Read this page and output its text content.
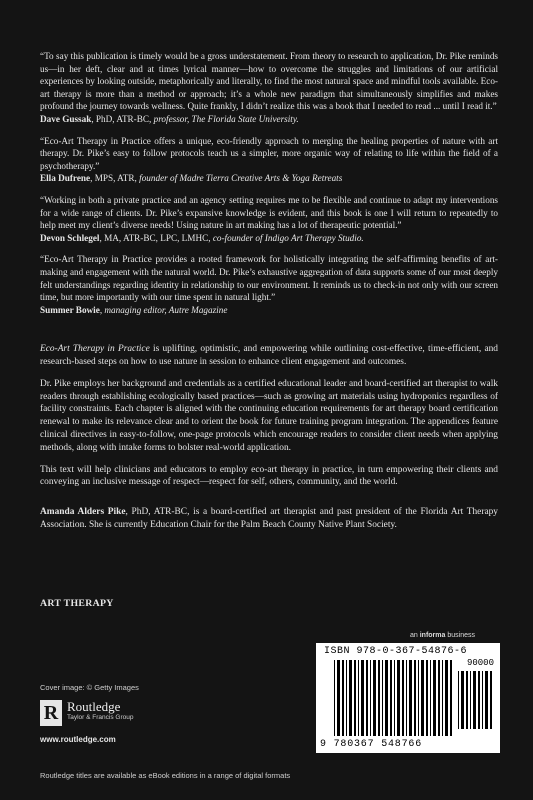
“To say this publication is timely would be a gross understatement. From theory to research to application, Dr. Pike reminds us—in her deft, clear and at times lyrical manner—how to overcome the struggles and limitations of our artificial experiences by looking outside, metaphorically and literally, to find the most natural space and mindful tools available. Eco-art therapy is more than a method or approach; it’s a whole new paradigm that simultaneously simplifies and makes profound the journey towards wellness. Quite frankly, I didn’t realize this was a book that I needed to read ... until I read it.”
Dave Gussak, PhD, ATR-BC, professor, The Florida State University.

“Eco-Art Therapy in Practice offers a unique, eco-friendly approach to merging the healing properties of nature with art therapy. Dr. Pike’s easy to follow protocols teach us a simpler, more organic way of relating to life within the field of a psychotherapy.”
Ella Dufrene, MPS, ATR, founder of Madre Tierra Creative Arts & Yoga Retreats

“Working in both a private practice and an agency setting requires me to be flexible and continue to adapt my interventions for a wide range of clients. Dr. Pike’s expansive knowledge is evident, and this book is one I will return to repeatedly to help meet my client’s diverse needs! Using nature in art making has a lot of therapeutic potential.”
Devon Schlegel, MA, ATR-BC, LPC, LMHC, co-founder of Indigo Art Therapy Studio.

“Eco-Art Therapy in Practice provides a rooted framework for holistically integrating the self-affirming benefits of art-making and engagement with the natural world. Dr. Pike’s exhaustive aggregation of data supports some of our most deeply felt understandings regarding identity in relationship to our environment. It reminds us to check-in not only with our screen time, but more importantly with our time spent in natural light.”
Summer Bowie, managing editor, Autre Magazine

Eco-Art Therapy in Practice is uplifting, optimistic, and empowering while outlining cost-effective, time-efficient, and research-based steps on how to use nature in session to enhance client engagement and outcomes.

Dr. Pike employs her background and credentials as a certified educational leader and board-certified art therapist to walk readers through establishing ecologically based practices—such as growing art materials using hydroponics regardless of facility constraints. Each chapter is aligned with the continuing education requirements for art therapy board certification renewal to make its relevance clear and to orient the book for future training program integration. The appendices feature clinical directives in easy-to-follow, one-page protocols which encourage readers to consider client needs when applying methods, along with intake forms to bolster real-world application.

This text will help clinicians and educators to employ eco-art therapy in practice, in turn empowering their clients and conveying an inclusive message of respect—respect for self, others, community, and the world.

Amanda Alders Pike, PhD, ATR-BC, is a board-certified art therapist and past president of the Florida Art Therapy Association. She is currently Education Chair for the Palm Beach County Native Plant Society.

ART THERAPY
an informa business
ISBN 978-0-367-54876-6
90000
9 780367 548766
Cover image: © Getty Images
R Routledge
Taylor & Francis Group
www.routledge.com
Routledge titles are available as eBook editions in a range of digital formats
